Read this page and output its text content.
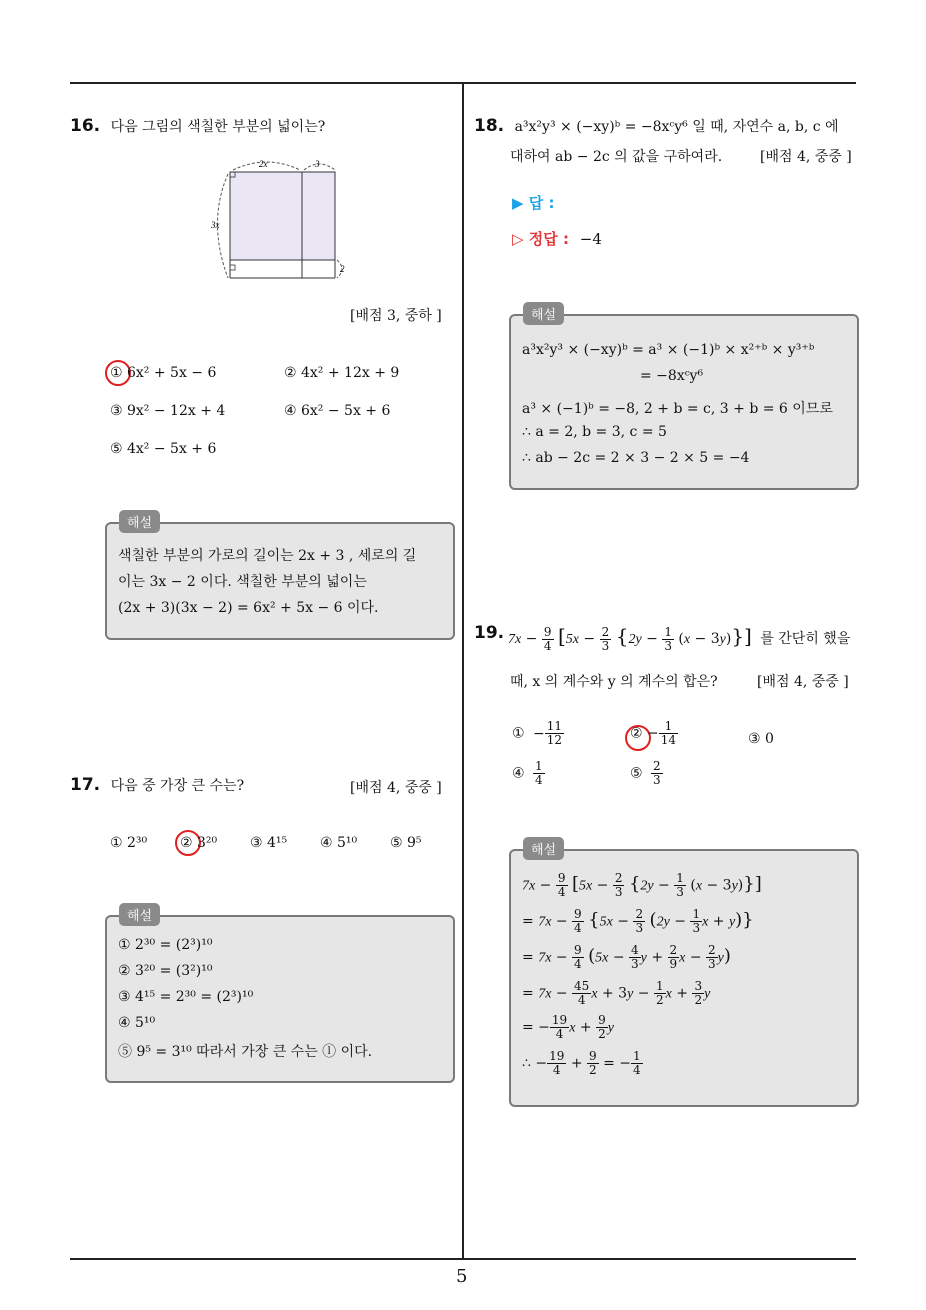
5
16. 다음 그림의 색칠한 부분의 넓이는?
2x	3
3x
2
[배점 3, 중하 ]
① 6x² + 5x − 6	② 4x² + 12x + 9
③ 9x² − 12x + 4	④ 6x² − 5x + 6
⑤ 4x² − 5x + 6
해설
색칠한 부분의 가로의 길이는 2x + 3 , 세로의 길
이는 3x − 2 이다. 색칠한 부분의 넓이는
(2x + 3)(3x − 2) = 6x² + 5x − 6 이다.
17. 다음 중 가장 큰 수는?	[배점 4, 중중 ]
① 2³⁰ ② 3²⁰ ③ 4¹⁵ ④ 5¹⁰ ⑤ 9⁵
해설
① 2³⁰ = (2³)¹⁰
② 3²⁰ = (3²)¹⁰
③ 4¹⁵ = 2³⁰ = (2³)¹⁰
④ 5¹⁰
⑤ 9⁵ = 3¹⁰ 따라서 가장 큰 수는 ⓛ 이다.
18. a³x²y³ × (−xy)ᵇ = −8xᶜy⁶ 일 때, 자연수 a, b, c 에
대하여 ab − 2c 의 값을 구하여라.	[배점 4, 중중 ]
▶ 답 :
▷ 정답 : −4
해설
a³x²y³ × (−xy)ᵇ = a³ × (−1)ᵇ × x²⁺ᵇ × y³⁺ᵇ
= −8xᶜy⁶
a³ × (−1)ᵇ = −8, 2 + b = c, 3 + b = 6 이므로
∴ a = 2, b = 3, c = 5
∴ ab − 2c = 2 × 3 − 2 × 5 = −4
19. $7x - \frac{9}{4} [5x - \frac{2}{3} \{2y - \frac{1}{3} (x - 3y)\}]$ 를 간단히 했을
때, x 의 계수와 y 의 계수의 합은?	[배점 4, 중중 ]
① − $\frac{11}{12}$	② − $\frac{1}{14}$	③ 0
④ $\frac{1}{4}$	⑤ $\frac{2}{3}$
해설
$7x - \frac{9}{4} [5x - \frac{2}{3} \{2y - \frac{1}{3} (x - 3y)\}]$
= $7x - \frac{9}{4} \{5x - \frac{2}{3} (2y - \frac{1}{3}$ x + y)}
= $7x - \frac{9}{4} (5x - \frac{4}{3}$ $y + \frac{2}{9}$ $x - \frac{2}{3} y$)
= $7x - \frac{45}{4}$ $x + 3y - \frac{1}{2}$ $x + \frac{3}{2}$ y
= − $\frac{19}{4}$ $x + \frac{9}{2}$ y
∴ − $\frac{19}{4} + \frac{9}{2}$ = − $\frac{1}{4}$
